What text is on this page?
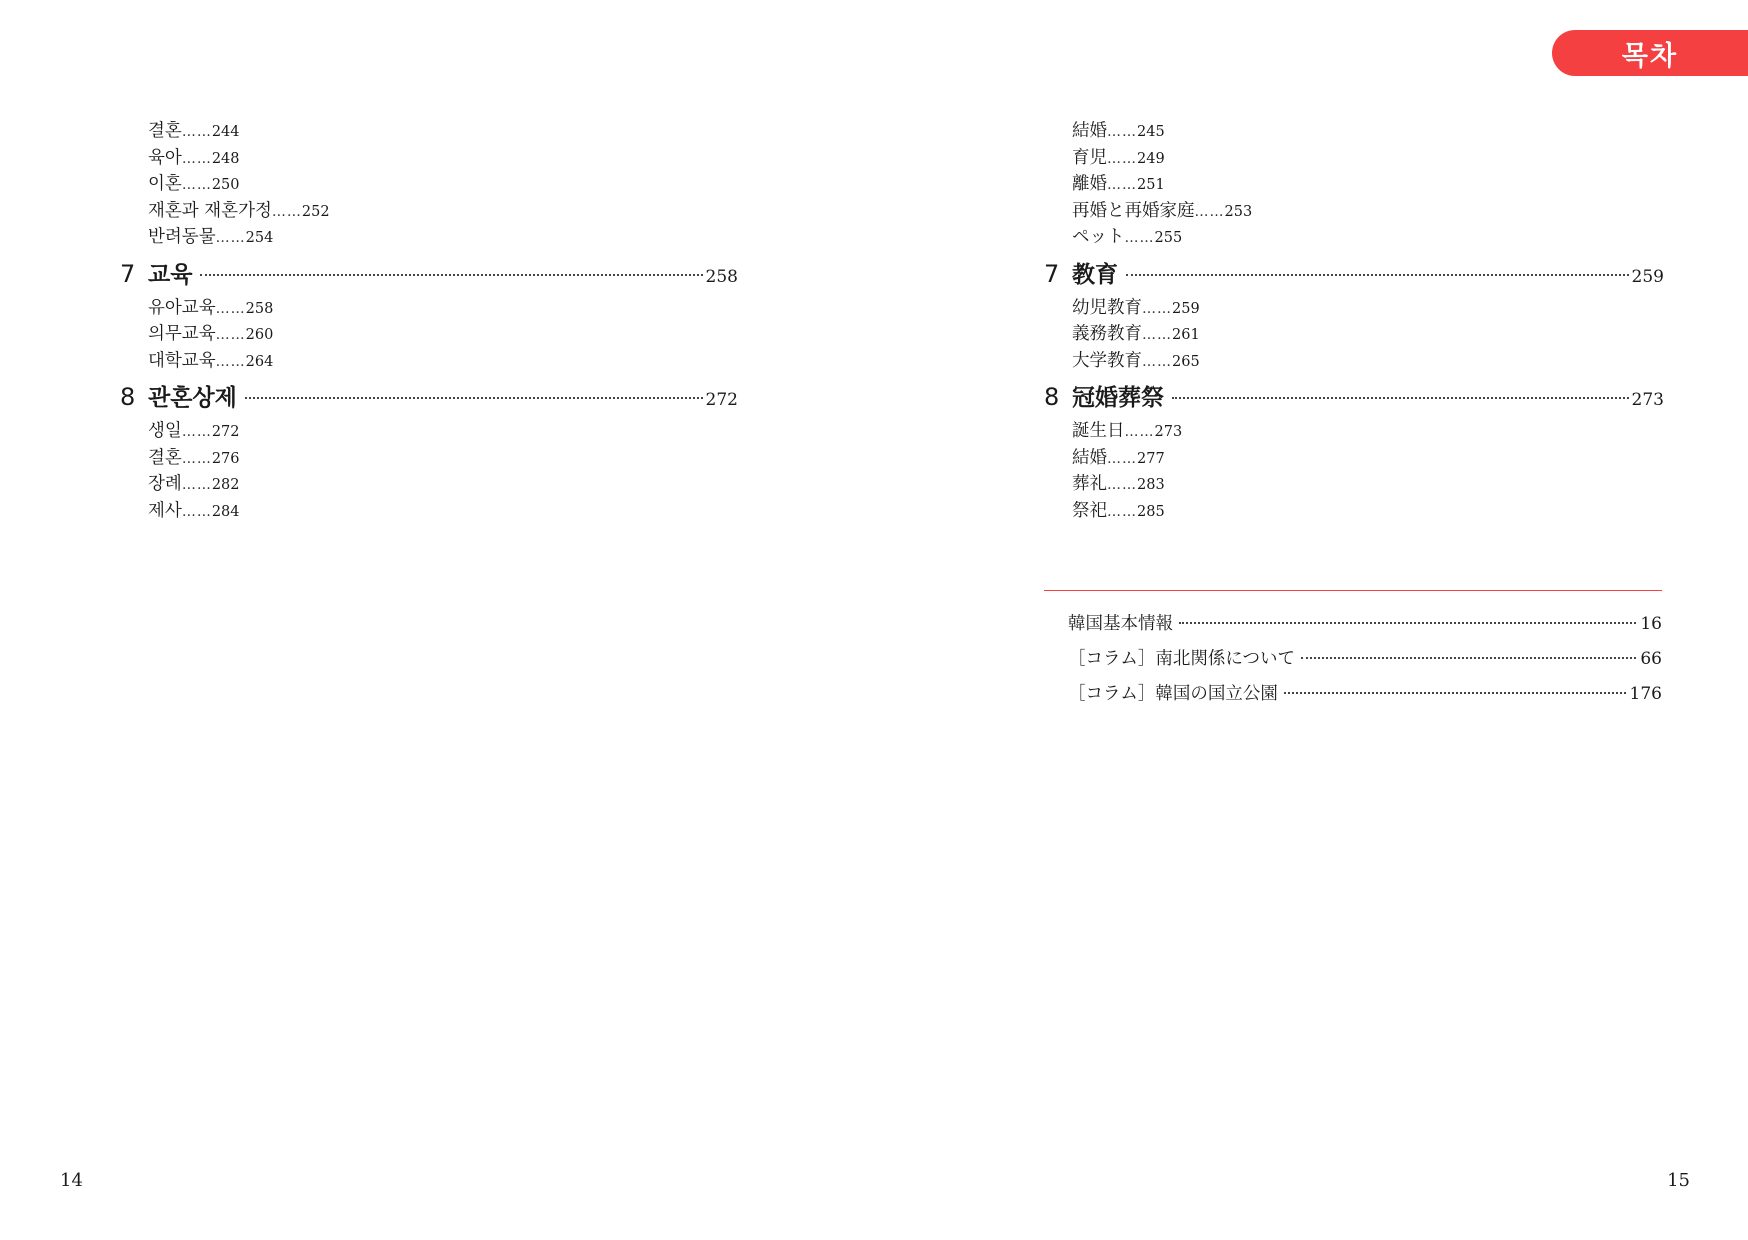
결혼……244
육아……248
이혼……250
재혼과 재혼가정……252
반려동물……254
7 교육	258
유아교육……258
의무교육……260
대학교육……264
8 관혼상제	272
생일……272
결혼……276
장례……282
제사……284
14
목차
結婚……245
育児……249
離婚……251
再婚と再婚家庭……253
ペット……255
7 教育	259
幼児教育……259
義務教育……261
大学教育……265
8 冠婚葬祭	273
誕生日……273
結婚……277
葬礼……283
祭祀……285
韓国基本情報	16
［コラム］南北関係について	66
［コラム］韓国の国立公園	176
15
